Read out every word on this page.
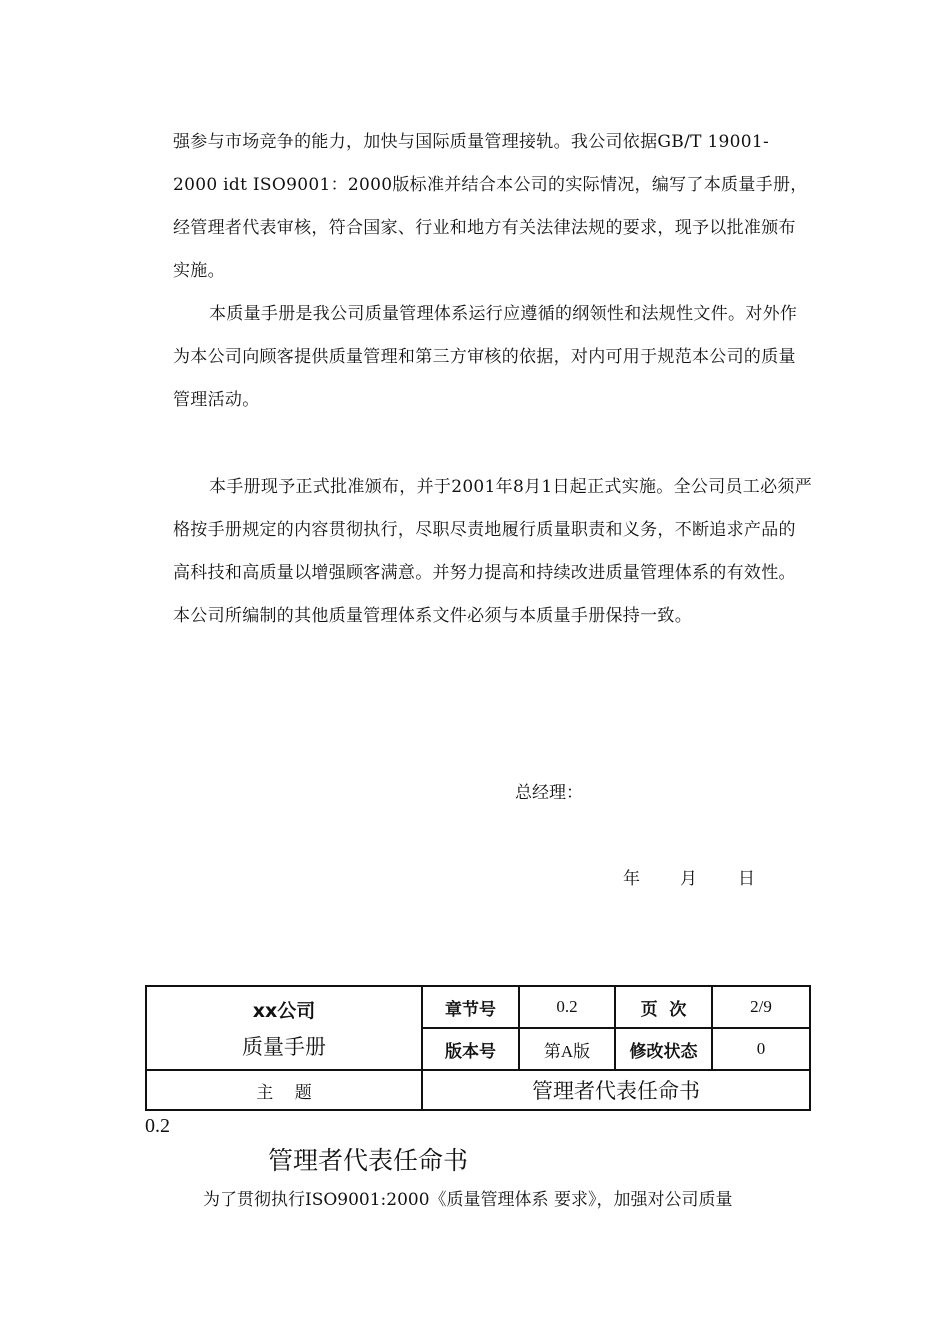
强参与市场竞争的能力，加快与国际质量管理接轨。我公司依据GB/T 19001-2000 idt ISO9001：2000版标准并结合本公司的实际情况，编写了本质量手册，经管理者代表审核，符合国家、行业和地方有关法律法规的要求，现予以批准颁布实施。

本质量手册是我公司质量管理体系运行应遵循的纲领性和法规性文件。对外作为本公司向顾客提供质量管理和第三方审核的依据，对内可用于规范本公司的质量管理活动。

本手册现予正式批准颁布，并于2001年8月1日起正式实施。全公司员工必须严格按手册规定的内容贯彻执行，尽职尽责地履行质量职责和义务，不断追求产品的高科技和高质量以增强顾客满意。并努力提高和持续改进质量管理体系的有效性。本公司所编制的其他质量管理体系文件必须与本质量手册保持一致。

总经理：
年 月 日
xx公司
质量手册	章节号	0.2	页  次	2/9
	版本号	第A版	修改状态	0
主    题	管理者代表任命书			
0.2
管理者代表任命书
为了贯彻执行ISO9001:2000《质量管理体系 要求》，加强对公司质量
